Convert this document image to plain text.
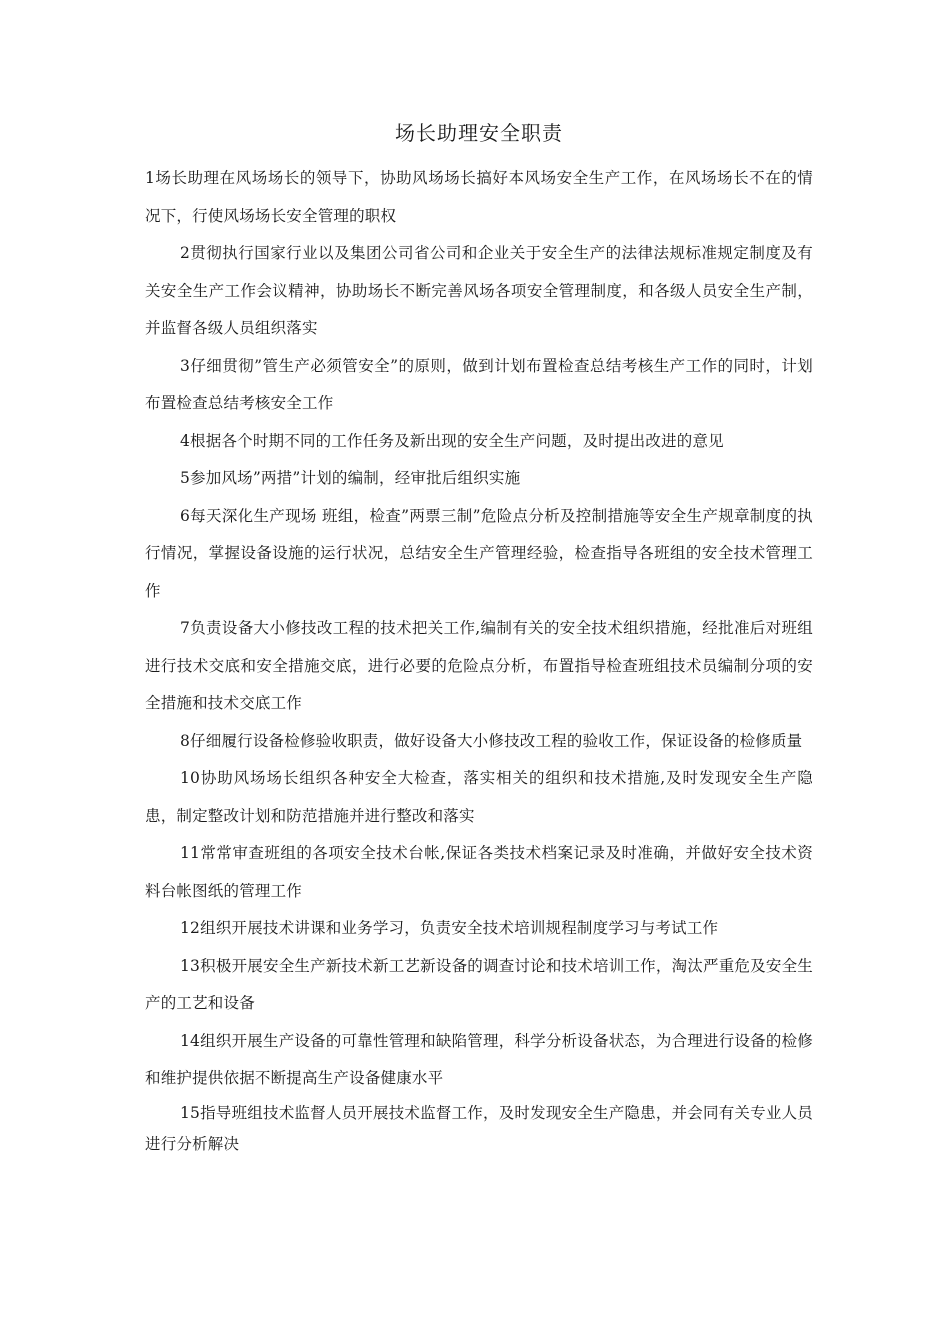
场长助理安全职责

1场长助理在风场场长的领导下，协助风场场长搞好本风场安全生产工作，在风场场长不在的情况下，行使风场场长安全管理的职权

2贯彻执行国家行业以及集团公司省公司和企业关于安全生产的法律法规标准规定制度及有关安全生产工作会议精神，协助场长不断完善风场各项安全管理制度，和各级人员安全生产制，并监督各级人员组织落实

3仔细贯彻”管生产必须管安全”的原则，做到计划布置检查总结考核生产工作的同时，计划布置检查总结考核安全工作

4根据各个时期不同的工作任务及新出现的安全生产问题，及时提出改进的意见

5参加风场”两措”计划的编制，经审批后组织实施

6每天深化生产现场 班组，检查”两票三制”危险点分析及控制措施等安全生产规章制度的执行情况，掌握设备设施的运行状况，总结安全生产管理经验，检查指导各班组的安全技术管理工作

7负责设备大小修技改工程的技术把关工作,编制有关的安全技术组织措施，经批准后对班组进行技术交底和安全措施交底，进行必要的危险点分析，布置指导检查班组技术员编制分项的安全措施和技术交底工作

8仔细履行设备检修验收职责，做好设备大小修技改工程的验收工作，保证设备的检修质量

10协助风场场长组织各种安全大检查，落实相关的组织和技术措施,及时发现安全生产隐患，制定整改计划和防范措施并进行整改和落实

11常常审查班组的各项安全技术台帐,保证各类技术档案记录及时准确，并做好安全技术资料台帐图纸的管理工作

12组织开展技术讲课和业务学习，负责安全技术培训规程制度学习与考试工作

13积极开展安全生产新技术新工艺新设备的调查讨论和技术培训工作，淘汰严重危及安全生产的工艺和设备

14组织开展生产设备的可靠性管理和缺陷管理，科学分析设备状态，为合理进行设备的检修和维护提供依据不断提高生产设备健康水平

15指导班组技术监督人员开展技术监督工作，及时发现安全生产隐患，并会同有关专业人员进行分析解决
